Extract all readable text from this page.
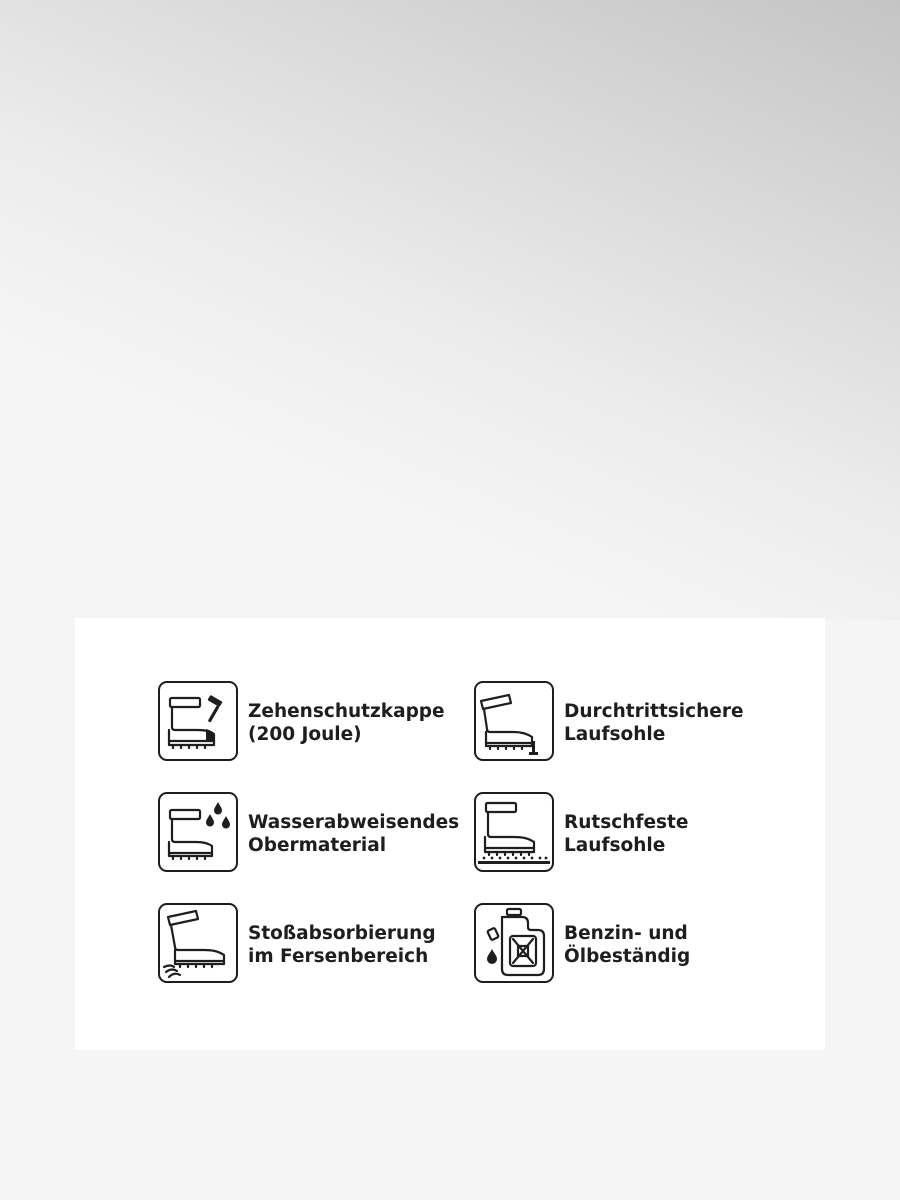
Zehenschutzkappe
(200 Joule)
Durchtrittsichere
Laufsohle
Wasserabweisendes
Obermaterial
Rutschfeste
Laufsohle
Stoßabsorbierung
im Fersenbereich
Benzin- und
Ölbeständig
